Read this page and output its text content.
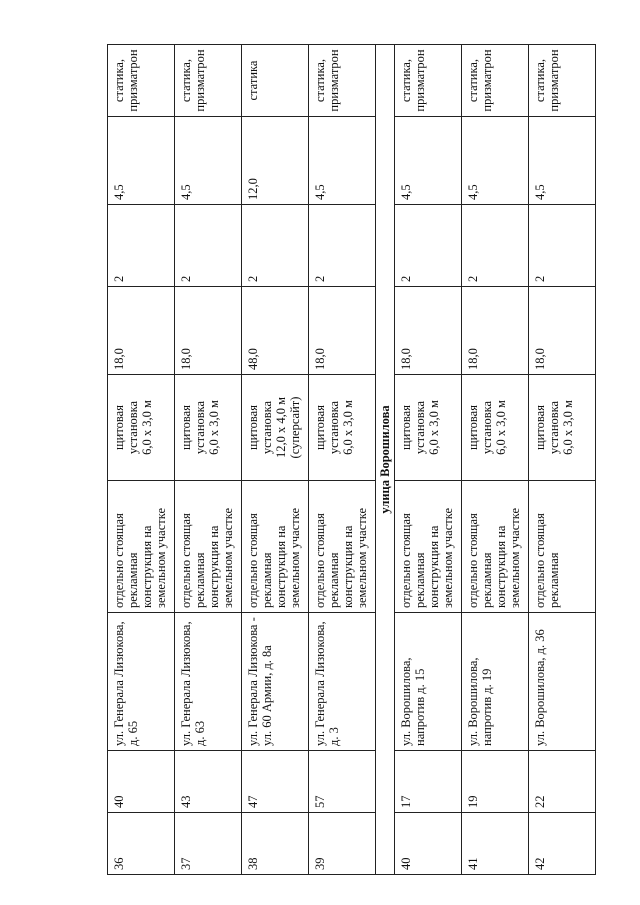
36	40	ул. Генерала Лизюкова, д. 65	отдельно стоящая рекламная конструкция на земельном участке	щитовая установка 6,0 х 3,0 м	18,0	2	4,5	статика, призматрон

37	43	ул. Генерала Лизюкова, д. 63	отдельно стоящая рекламная конструкция на земельном участке	щитовая установка 6,0 х 3,0 м	18,0	2	4,5	статика, призматрон

38	47	ул. Генерала Лизюкова - ул. 60 Армии, д. 8а	отдельно стоящая рекламная конструкция на земельном участке	щитовая установка 12,0 х 4,0 м (суперсайт)	48,0	2	12,0	статика

39	57	ул. Генерала Лизюкова, д. 3	отдельно стоящая рекламная конструкция на земельном участке	щитовая установка 6,0 х 3,0 м	18,0	2	4,5	статика, призматрон

улица Ворошилова								
40	17	ул. Ворошилова, напротив д. 15	отдельно стоящая рекламная конструкция на земельном участке	щитовая установка 6,0 х 3,0 м	18,0	2	4,5	статика, призматрон

41	19	ул. Ворошилова, напротив д. 19	отдельно стоящая рекламная конструкция на земельном участке	щитовая установка 6,0 х 3,0 м	18,0	2	4,5	статика, призматрон

42	22	ул. Ворошилова, д. 36	отдельно стоящая рекламная	щитовая установка 6,0 х 3,0 м	18,0	2	4,5	статика, призматрон
